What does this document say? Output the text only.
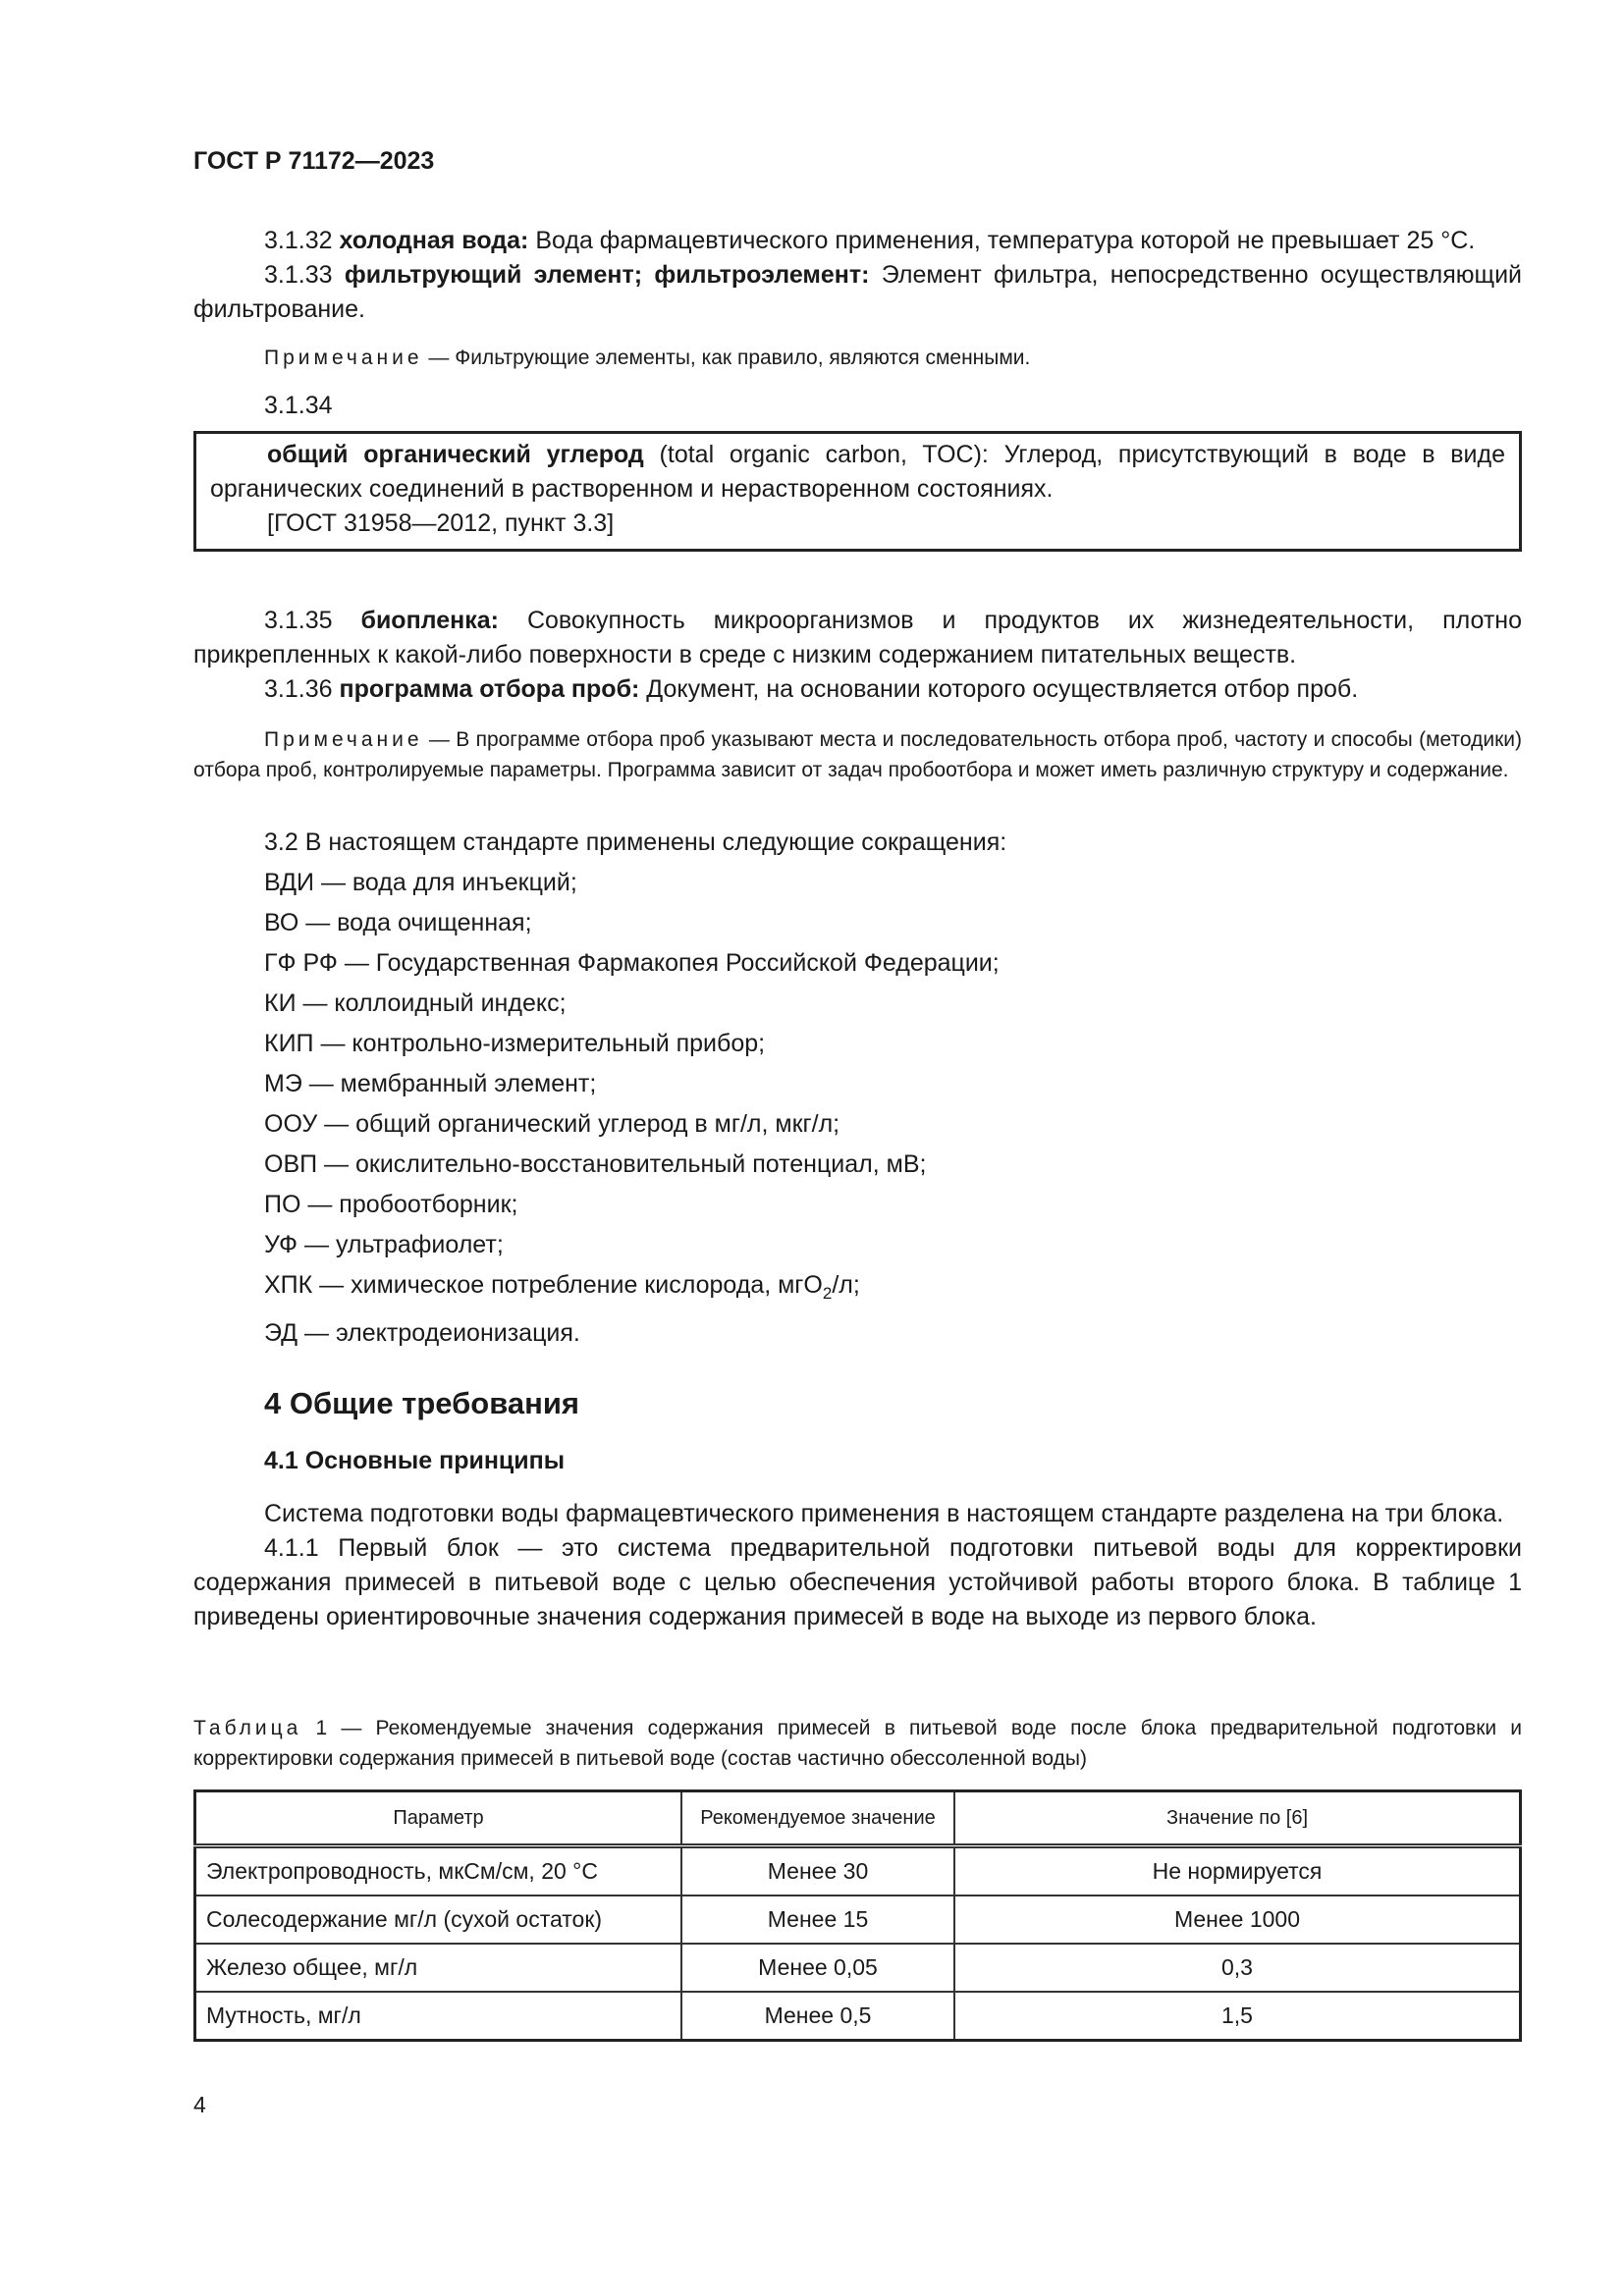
ГОСТ Р 71172—2023

3.1.32 холодная вода: Вода фармацевтического применения, температура которой не превышает 25 °С.

3.1.33 фильтрующий элемент; фильтроэлемент: Элемент фильтра, непосредственно осуществляющий фильтрование.

Примечание — Фильтрующие элементы, как правило, являются сменными.

3.1.34

общий органический углерод (total organic carbon, TOC): Углерод, присутствующий в воде в виде органических соединений в растворенном и нерастворенном состояниях.

[ГОСТ 31958—2012, пункт 3.3]

3.1.35 биопленка: Совокупность микроорганизмов и продуктов их жизнедеятельности, плотно прикрепленных к какой-либо поверхности в среде с низким содержанием питательных веществ.

3.1.36 программа отбора проб: Документ, на основании которого осуществляется отбор проб.

Примечание — В программе отбора проб указывают места и последовательность отбора проб, частоту и способы (методики) отбора проб, контролируемые параметры. Программа зависит от задач пробоотбора и может иметь различную структуру и содержание.

3.2 В настоящем стандарте применены следующие сокращения:

ВДИ — вода для инъекций;

ВО — вода очищенная;

ГФ РФ — Государственная Фармакопея Российской Федерации;

КИ — коллоидный индекс;

КИП — контрольно-измерительный прибор;

МЭ — мембранный элемент;

ООУ — общий органический углерод в мг/л, мкг/л;

ОВП — окислительно-восстановительный потенциал, мВ;

ПО — пробоотборник;

УФ — ультрафиолет;

ХПК — химическое потребление кислорода, мгО$_2$/л;

ЭД — электродеионизация.

4 Общие требования
4.1 Основные принципы

Система подготовки воды фармацевтического применения в настоящем стандарте разделена на три блока.

4.1.1 Первый блок — это система предварительной подготовки питьевой воды для корректировки содержания примесей в питьевой воде с целью обеспечения устойчивой работы второго блока. В таблице 1 приведены ориентировочные значения содержания примесей в воде на выходе из первого блока.

Таблица 1 — Рекомендуемые значения содержания примесей в питьевой воде после блока предварительной подготовки и корректировки содержания примесей в питьевой воде (состав частично обессоленной воды)

Параметр	Рекомендуемое значение	Значение по [6]
Электропроводность, мкСм/см, 20 °С	Менее 30	Не нормируется
Солесодержание мг/л (сухой остаток)	Менее 15	Менее 1000
Железо общее, мг/л	Менее 0,05	0,3
Мутность, мг/л	Менее 0,5	1,5
4
